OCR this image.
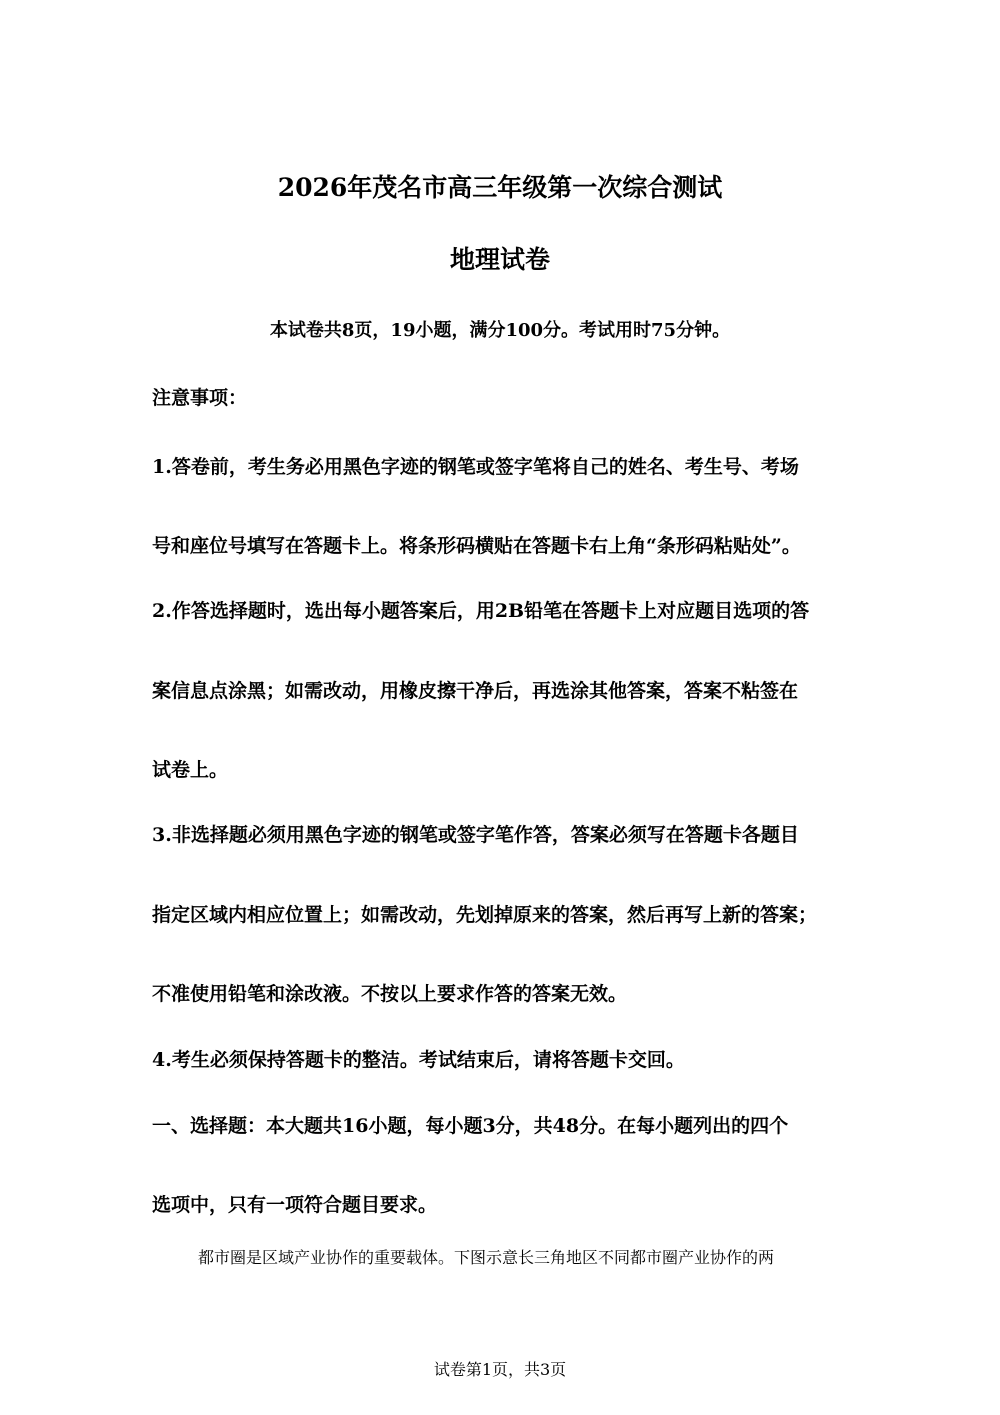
2026年茂名市高三年级第一次综合测试
地理试卷
本试卷共8页，19小题，满分100分。考试用时75分钟。
注意事项：
1.答卷前，考生务必用黑色字迹的钢笔或签字笔将自己的姓名、考生号、考场
号和座位号填写在答题卡上。将条形码横贴在答题卡右上角“条形码粘贴处”。
2.作答选择题时，选出每小题答案后，用2B铅笔在答题卡上对应题目选项的答
案信息点涂黑；如需改动，用橡皮擦干净后，再选涂其他答案，答案不粘签在
试卷上。
3.非选择题必须用黑色字迹的钢笔或签字笔作答，答案必须写在答题卡各题目
指定区域内相应位置上；如需改动，先划掉原来的答案，然后再写上新的答案；
不准使用铅笔和涂改液。不按以上要求作答的答案无效。
4.考生必须保持答题卡的整洁。考试结束后，请将答题卡交回。
一、选择题：本大题共16小题，每小题3分，共48分。在每小题列出的四个
选项中，只有一项符合题目要求。
都市圈是区域产业协作的重要载体。下图示意长三角地区不同都市圈产业协作的两
试卷第1页，共3页
